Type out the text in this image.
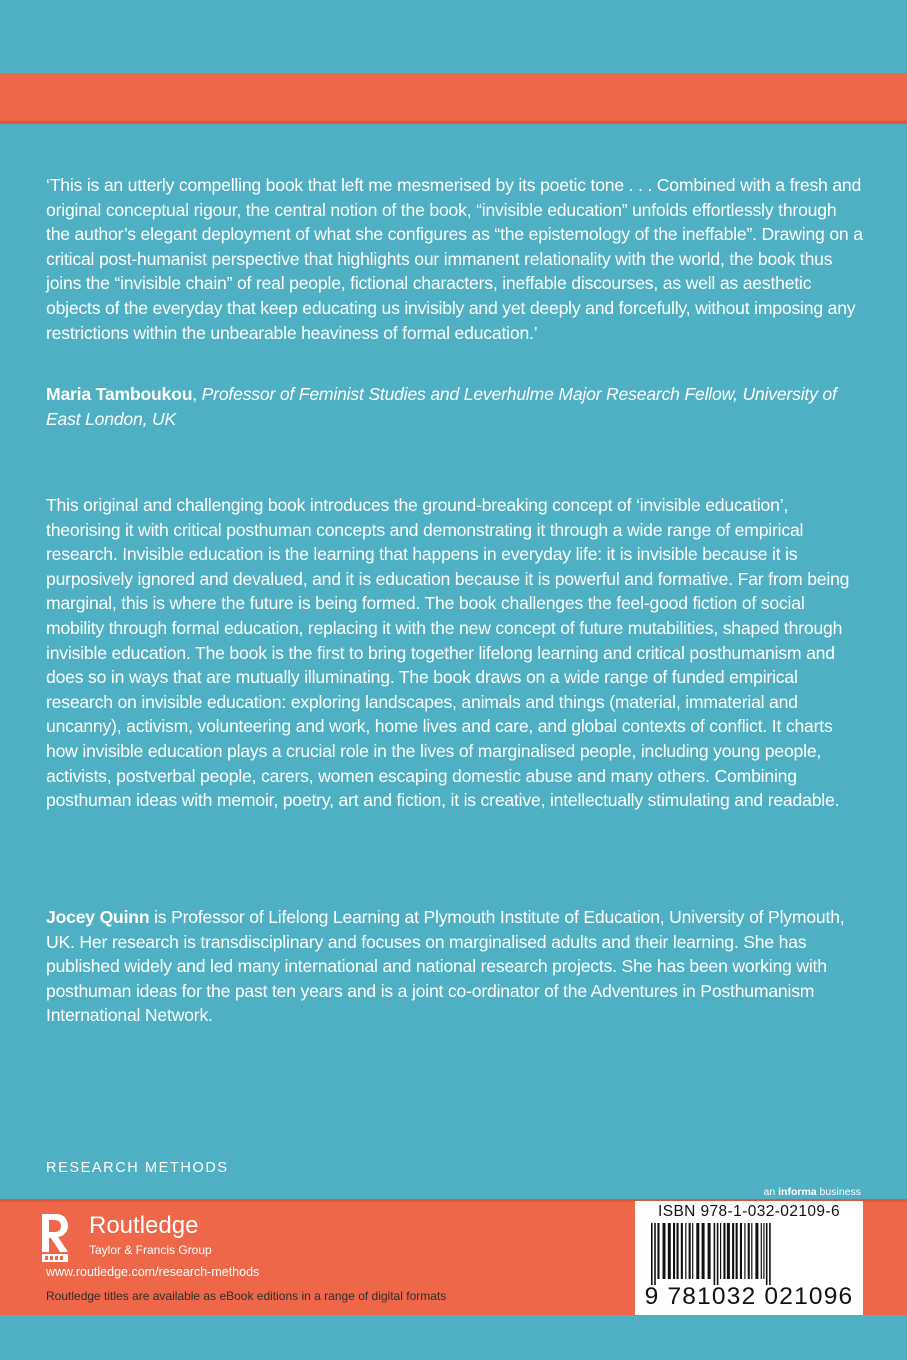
‘This is an utterly compelling book that left me mesmerised by its poetic tone . . . Combined with a fresh and original conceptual rigour, the central notion of the book, “invisible education” unfolds effortlessly through the author’s elegant deployment of what she configures as “the epistemology of the ineffable”. Drawing on a critical post-humanist perspective that highlights our immanent relationality with the world, the book thus joins the “invisible chain” of real people, fictional characters, ineffable discourses, as well as aesthetic objects of the everyday that keep educating us invisibly and yet deeply and forcefully, without imposing any restrictions within the unbearable heaviness of formal education.’

Maria Tamboukou, Professor of Feminist Studies and Leverhulme Major Research Fellow, University of East London, UK

This original and challenging book introduces the ground-breaking concept of ‘invisible education’, theorising it with critical posthuman concepts and demonstrating it through a wide range of empirical research. Invisible education is the learning that happens in everyday life: it is invisible because it is purposively ignored and devalued, and it is education because it is powerful and formative. Far from being marginal, this is where the future is being formed. The book challenges the feel-good fiction of social mobility through formal education, replacing it with the new concept of future mutabilities, shaped through invisible education. The book is the first to bring together lifelong learning and critical posthumanism and does so in ways that are mutually illuminating. The book draws on a wide range of funded empirical research on invisible education: exploring landscapes, animals and things (material, immaterial and uncanny), activism, volunteering and work, home lives and care, and global contexts of conflict. It charts how invisible education plays a crucial role in the lives of marginalised people, including young people, activists, postverbal people, carers, women escaping domestic abuse and many others. Combining posthuman ideas with memoir, poetry, art and fiction, it is creative, intellectually stimulating and readable.

Jocey Quinn is Professor of Lifelong Learning at Plymouth Institute of Education, University of Plymouth, UK. Her research is transdisciplinary and focuses on marginalised adults and their learning. She has published widely and led many international and national research projects. She has been working with posthuman ideas for the past ten years and is a joint co-ordinator of the Adventures in Posthumanism International Network.

RESEARCH METHODS
an informa business
Routledge
Taylor & Francis Group
www.routledge.com/research-methods
Routledge titles are available as eBook editions in a range of digital formats
ISBN 978-1-032-02109-6
9 781032 021096
